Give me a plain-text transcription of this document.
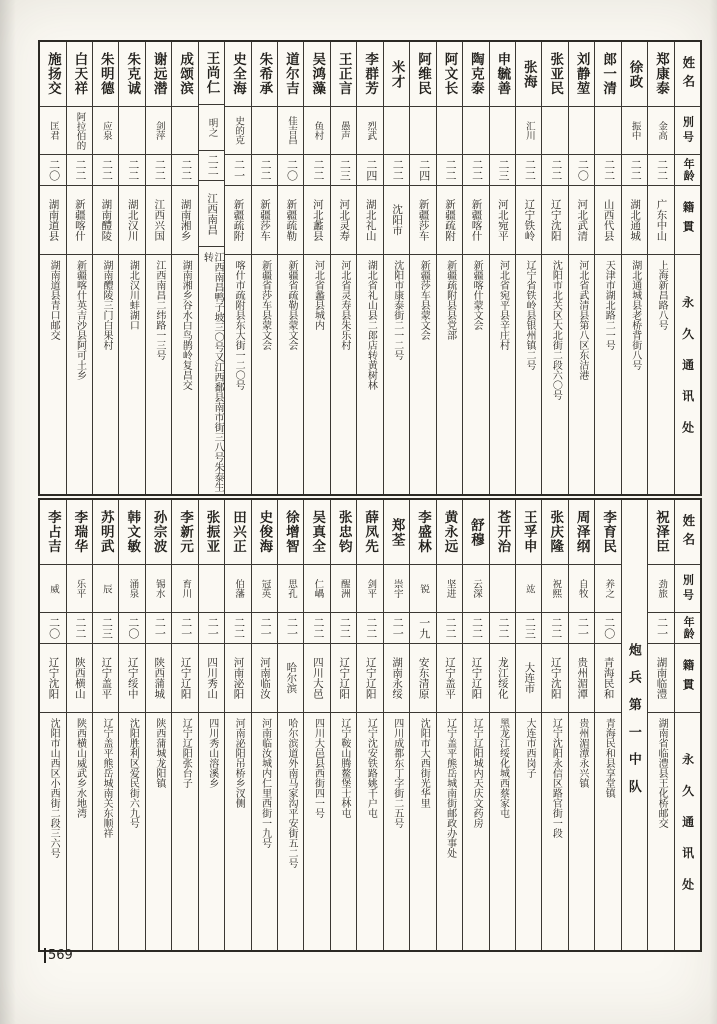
姓名
別号
年龄
籍貫
永久通讯处
郑康泰
金高
二二
广东中山
上海新昌路八号
徐政
振中
二二
湖北通城
湖北通城县老桥背街八号
郎一清
二二
山西代县
天津市湖北路二一号
刘静堃
二〇
河北武清
河北省武清县第八区东洁港
张亚民
二二
辽宁沈阳
沈阳市北关区大北街二段六〇号
张海
汇川
二二
辽宁铁岭
辽宁省铁岭县银州镇二号
申毓善
二三
河北宛平
河北省宛平县辛庄村
陶克泰
二二
新疆喀什
新疆喀什蒙文会
阿文长
二二
新疆疏附
新疆疏附县县党部
阿维民
二四
新疆莎车
新疆莎车县蒙文会
米才
二二
沈阳市
沈阳市康泰街二一二号
李群芳
烈武
二四
湖北礼山
湖北省礼山县二郎店转黄树林
王正言
愚声
二三
河北灵寿
河北省灵寿县朱乐村
吴鸿藻
鱼村
二二
河北蠡县
河北省蠡县城内
道尔吉
佳吉昌
二〇
新疆疏勒
新疆省疏勒县蒙文会
朱希承
二二
新疆莎车
新疆省莎车县蒙文会
史全海
史的克
二一
新疆疏附
喀什市疏附县东大街一二〇号
王尚仁
明之
二二
江西南昌
江西南昌鸭子坡三〇号又江西鄱县南市街三八号朱泰生转
成颂滨
二二
湖南湘乡
湖南湘乡谷水白鸟鹊岭复昌交
谢远潜
剑萍
二二
江西兴国
江西南昌二纬路一三号
朱克诚
二二
湖北汉川
湖北汉川蚌湖口
朱明德
应泉
二二
湖南醴陵
湖南醴陵三门白果村
白天祥
阿拉伯的
二二
新疆喀什
新疆喀什英吉沙县阿可土乡
施扬交
匡君
二〇
湖南道县
湖南道县青口邮交
姓名
別号
年龄
籍貫
永久通讯处
祝泽臣
劲旅
二一
湖南临澧
湖南省临澧县王化桥邮交
炮兵第一中队
李育民
养之
二〇
青海民和
青海民和县享堂镇
周泽纲
自牧
二一
贵州湄潭
贵州湄潭永兴镇
张庆隆
祝熙
二二
辽宁沈阳
辽宁沈阳永信区路官街一段
王孚申
竑
二三
大连市
大连市西岗子
苍开治
二二
龙江绥化
黑龙江绥化城西蔡家屯
舒穆
云深
二二
辽宁辽阳
辽宁辽阳城内天庆文药房
黄永远
坚进
二二
辽宁盖平
辽宁盖平熊岳城南街邮政办事处
李盛林
锐
一九
安东清原
沈阳市大西街光华里
郑荃
崇宇
二一
湖南永绥
四川成都东丁字街二五号
薛凤先
剑平
二二
辽宁辽阳
辽宁沈安铁路姚千户屯
张忠钧
醒洲
二二
辽宁辽阳
辽宁鞍山腾鳌堡士林屯
吴真全
仁嵎
二二
四川大邑
四川大邑县西街四一号
徐增智
思孔
二一
哈尔滨
哈尔滨道外南马家沟平安街五二号
史俊海
冠英
二一
河南临汝
河南临汝城内仁里西街一九号
田兴正
伯藩
二二
河南泌阳
河南泌阳吊桥乡汊侧
张振亚
二一
四川秀山
四川秀山溶溪乡
李新元
育川
二一
辽宁辽阳
辽宁辽阳张台子
孙宗波
锡水
二一
陕西蒲城
陕西蒲城龙阳镇
韩文敏
涌泉
二〇
辽宁绥中
沈阳胜利区爱民街六九号
苏明武
辰
二三
辽宁盖平
辽宁盖平熊岳城南关东顺祥
李瑞华
乐平
二二
陕西横山
陕西横山威武乡水地湾
李占吉
威
二〇
辽宁沈阳
沈阳市山西区小西街二段三六号
569
